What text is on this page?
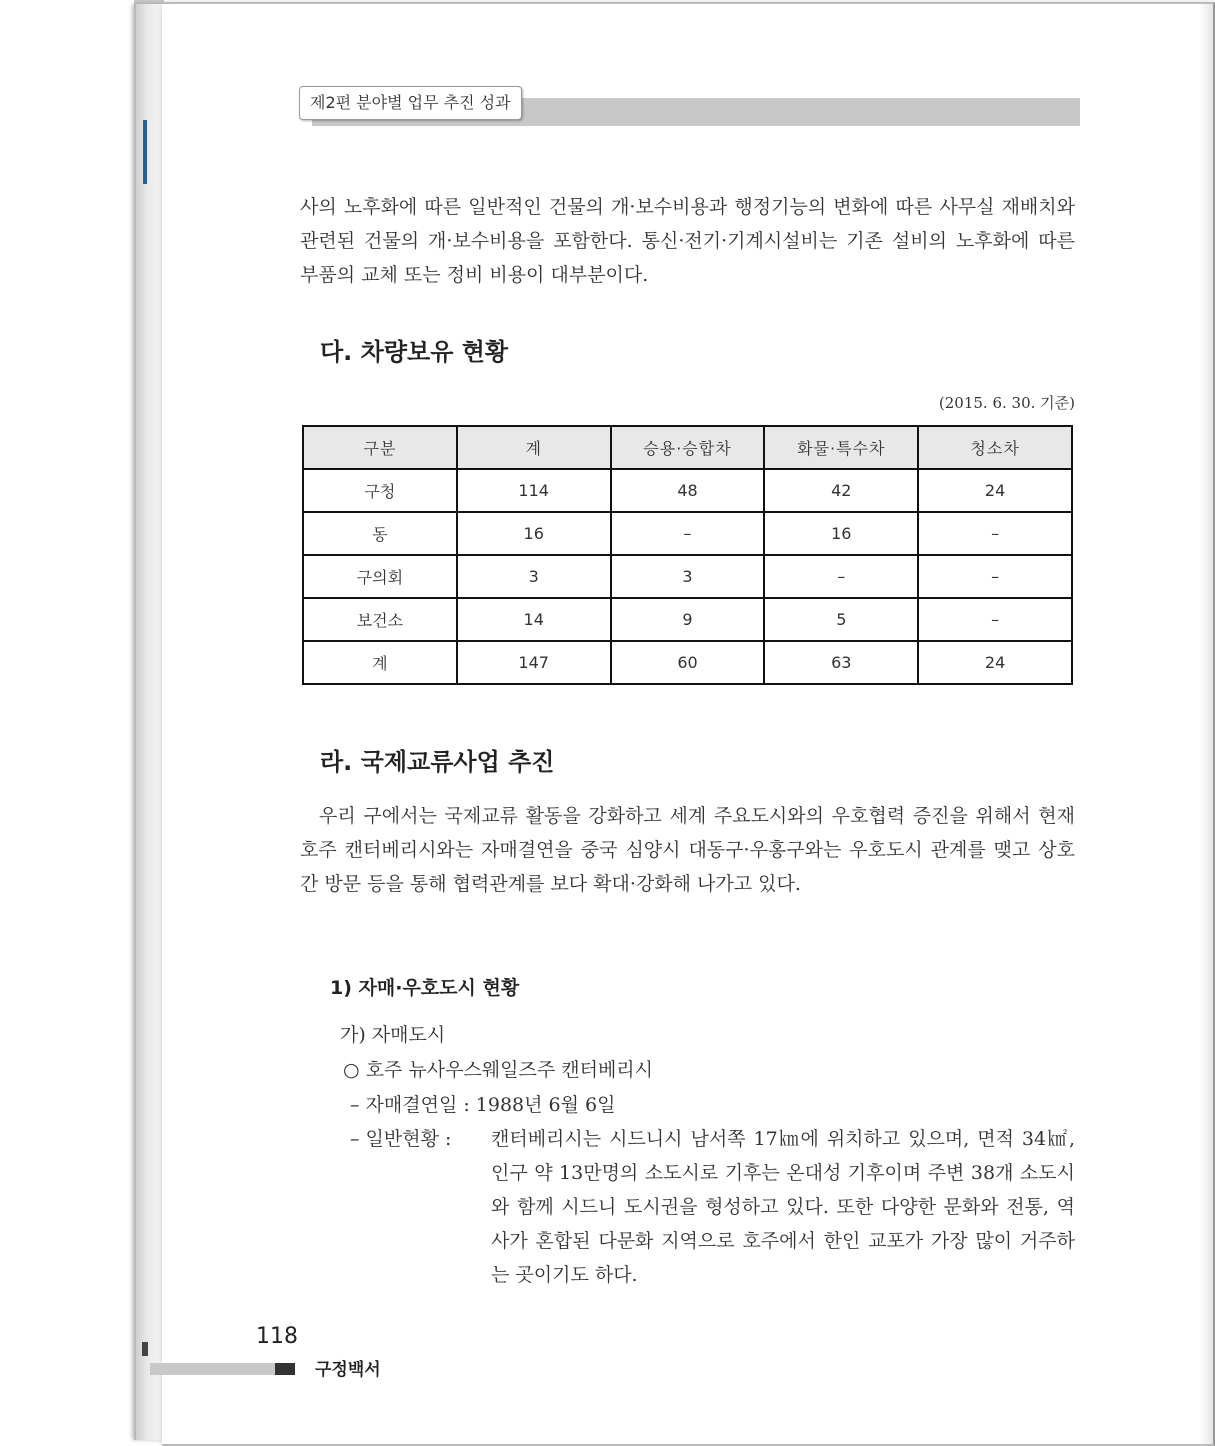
제2편 분야별 업무 추진 성과
사의 노후화에 따른 일반적인 건물의 개·보수비용과 행정기능의 변화에 따른 사무실 재배치와 관련된 건물의 개·보수비용을 포함한다. 통신·전기·기계시설비는 기존 설비의 노후화에 따른 부품의 교체 또는 정비 비용이 대부분이다.
다. 차량보유 현황
(2015. 6. 30. 기준)
구분	계	승용·승합차	화물·특수차	청소차
구청	114	48	42	24
동	16	–	16	–
구의회	3	3	–	–
보건소	14	9	5	–
계	147	60	63	24
라. 국제교류사업 추진
우리 구에서는 국제교류 활동을 강화하고 세계 주요도시와의 우호협력 증진을 위해서 현재 호주 캔터베리시와는 자매결연을 중국 심양시 대동구·우홍구와는 우호도시 관계를 맺고 상호간 방문 등을 통해 협력관계를 보다 확대·강화해 나가고 있다.
1) 자매·우호도시 현황
가) 자매도시
○ 호주 뉴사우스웨일즈주 캔터베리시
– 자매결연일 : 1988년 6월 6일
– 일반현황 : 캔터베리시는 시드니시 남서쪽 17㎞에 위치하고 있으며, 면적 34㎢, 인구 약 13만명의 소도시로 기후는 온대성 기후이며 주변 38개 소도시와 함께 시드니 도시권을 형성하고 있다. 또한 다양한 문화와 전통, 역사가 혼합된 다문화 지역으로 호주에서 한인 교포가 가장 많이 거주하는 곳이기도 하다.
118
구정백서
